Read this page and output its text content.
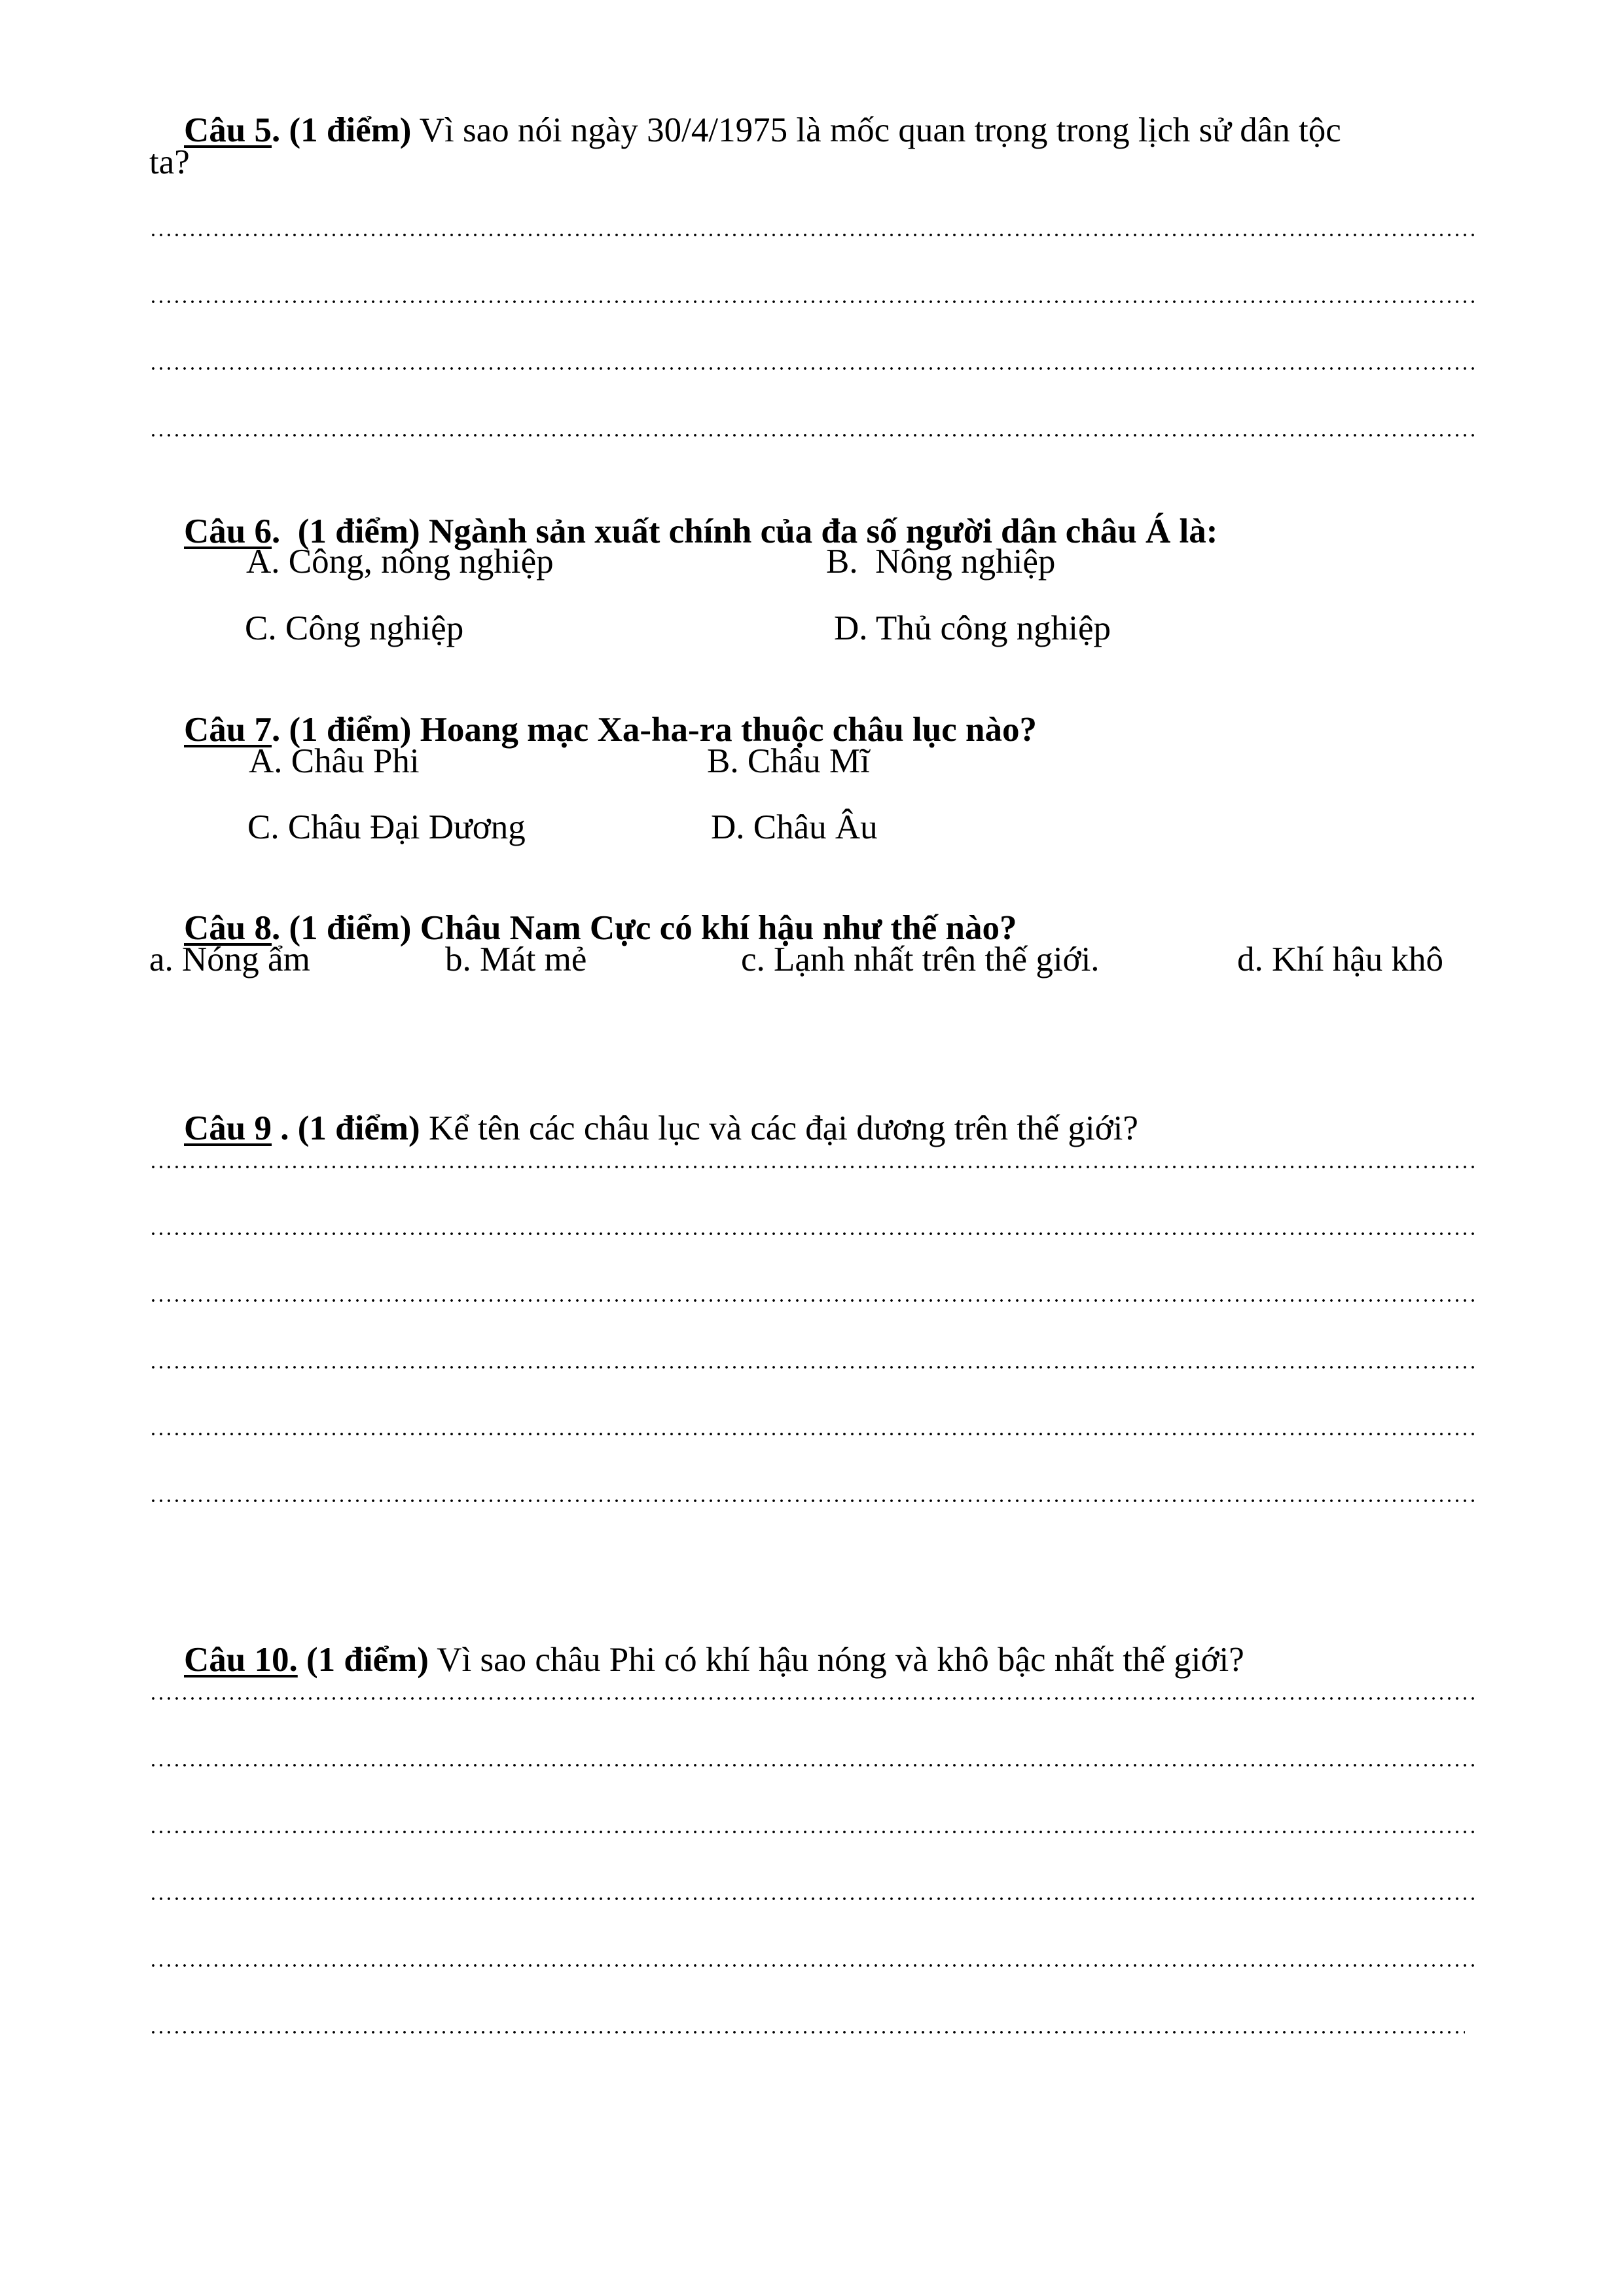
Câu 5. (1 điểm) Vì sao nói ngày 30/4/1975 là mốc quan trọng trong lịch sử dân tộc

ta?

Câu 6.  (1 điểm) Ngành sản xuất chính của đa số người dân châu Á là:

A. Công, nông nghiệp	B.  Nông nghiệp
C. Công nghiệp	D. Thủ công nghiệp

Câu 7. (1 điểm) Hoang mạc Xa-ha-ra thuộc châu lục nào?

A. Châu Phi	B. Châu Mĩ
C. Châu Đại Dương	D. Châu Âu

Câu 8. (1 điểm) Châu Nam Cực có khí hậu như thế nào?

a. Nóng ẩm	b. Mát mẻ	c. Lạnh nhất trên thế giới.	d. Khí hậu khô

Câu 9 . (1 điểm) Kể tên các châu lục và các đại dương trên thế giới?

Câu 10. (1 điểm) Vì sao châu Phi có khí hậu nóng và khô bậc nhất thế giới?
